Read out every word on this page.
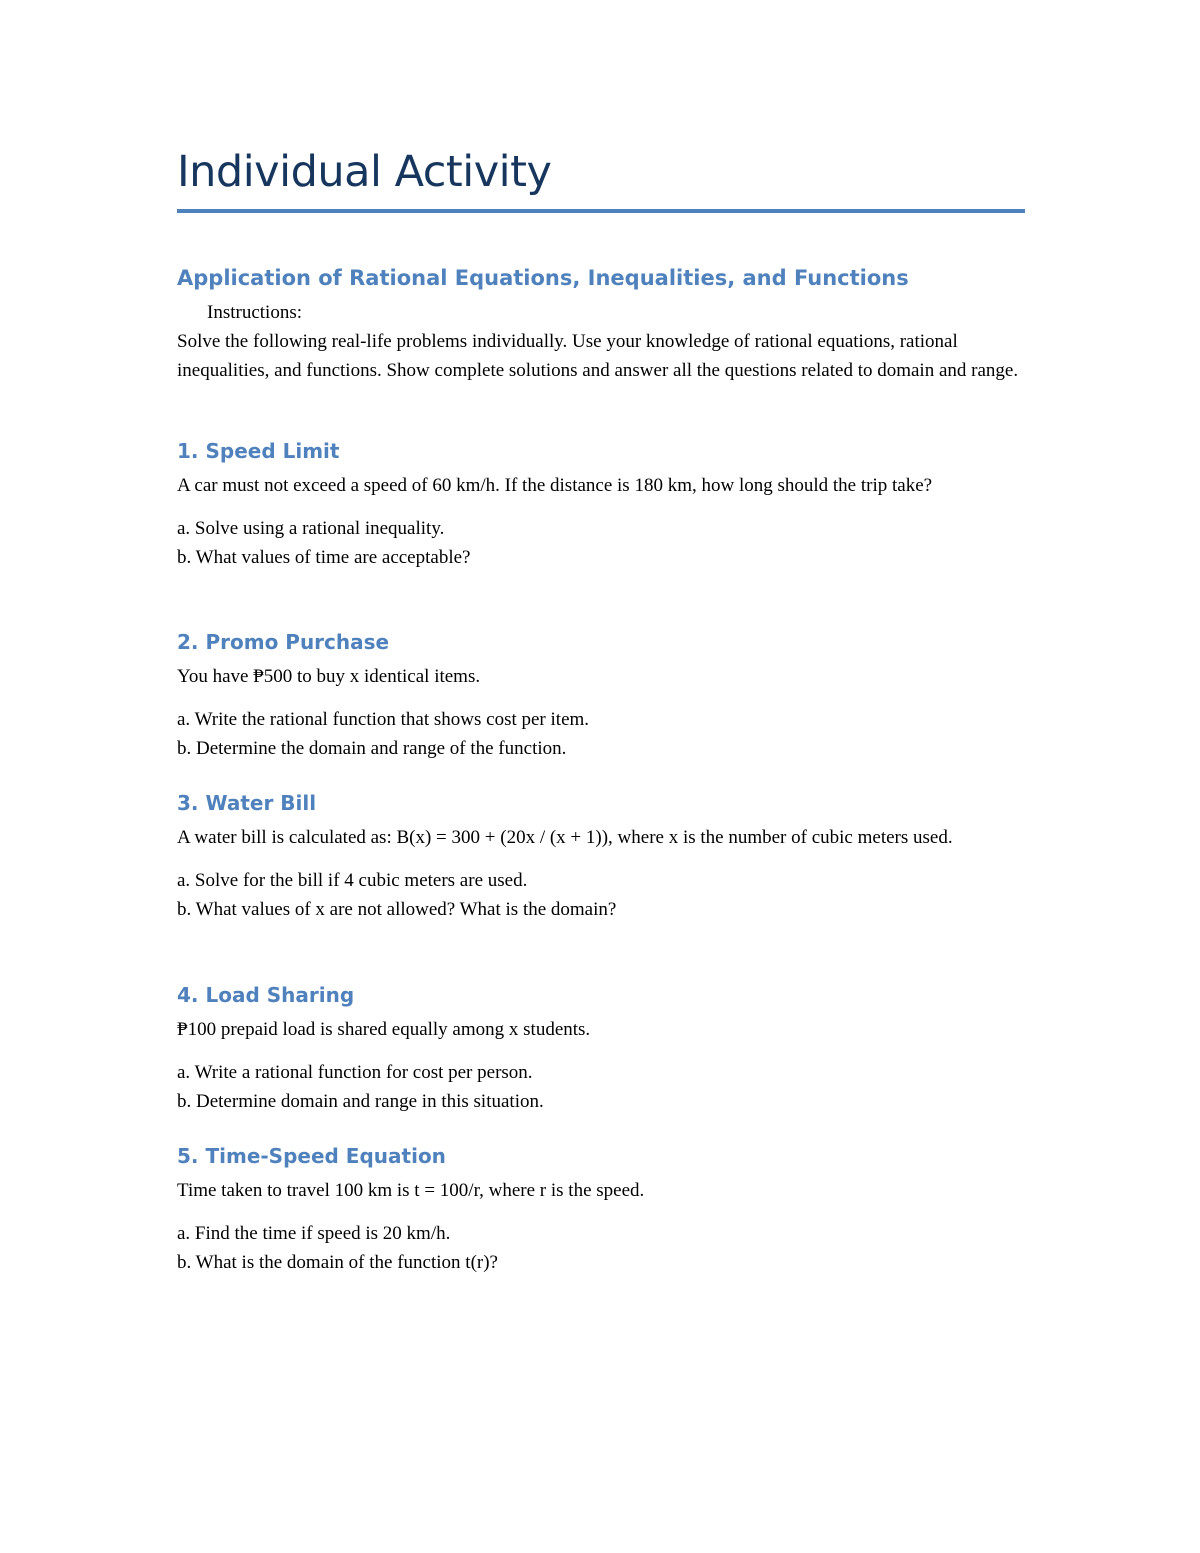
Individual Activity
Application of Rational Equations, Inequalities, and Functions

Instructions:

Solve the following real-life problems individually. Use your knowledge of rational equations, rational inequalities, and functions. Show complete solutions and answer all the questions related to domain and range.

1. Speed Limit

A car must not exceed a speed of 60 km/h. If the distance is 180 km, how long should the trip take?

a. Solve using a rational inequality.
b. What values of time are acceptable?
2. Promo Purchase

You have ₱500 to buy x identical items.

a. Write the rational function that shows cost per item.
b. Determine the domain and range of the function.
3. Water Bill

A water bill is calculated as: B(x) = 300 + (20x / (x + 1)), where x is the number of cubic meters used.

a. Solve for the bill if 4 cubic meters are used.
b. What values of x are not allowed? What is the domain?
4. Load Sharing

₱100 prepaid load is shared equally among x students.

a. Write a rational function for cost per person.
b. Determine domain and range in this situation.
5. Time-Speed Equation

Time taken to travel 100 km is t = 100/r, where r is the speed.

a. Find the time if speed is 20 km/h.
b. What is the domain of the function t(r)?
